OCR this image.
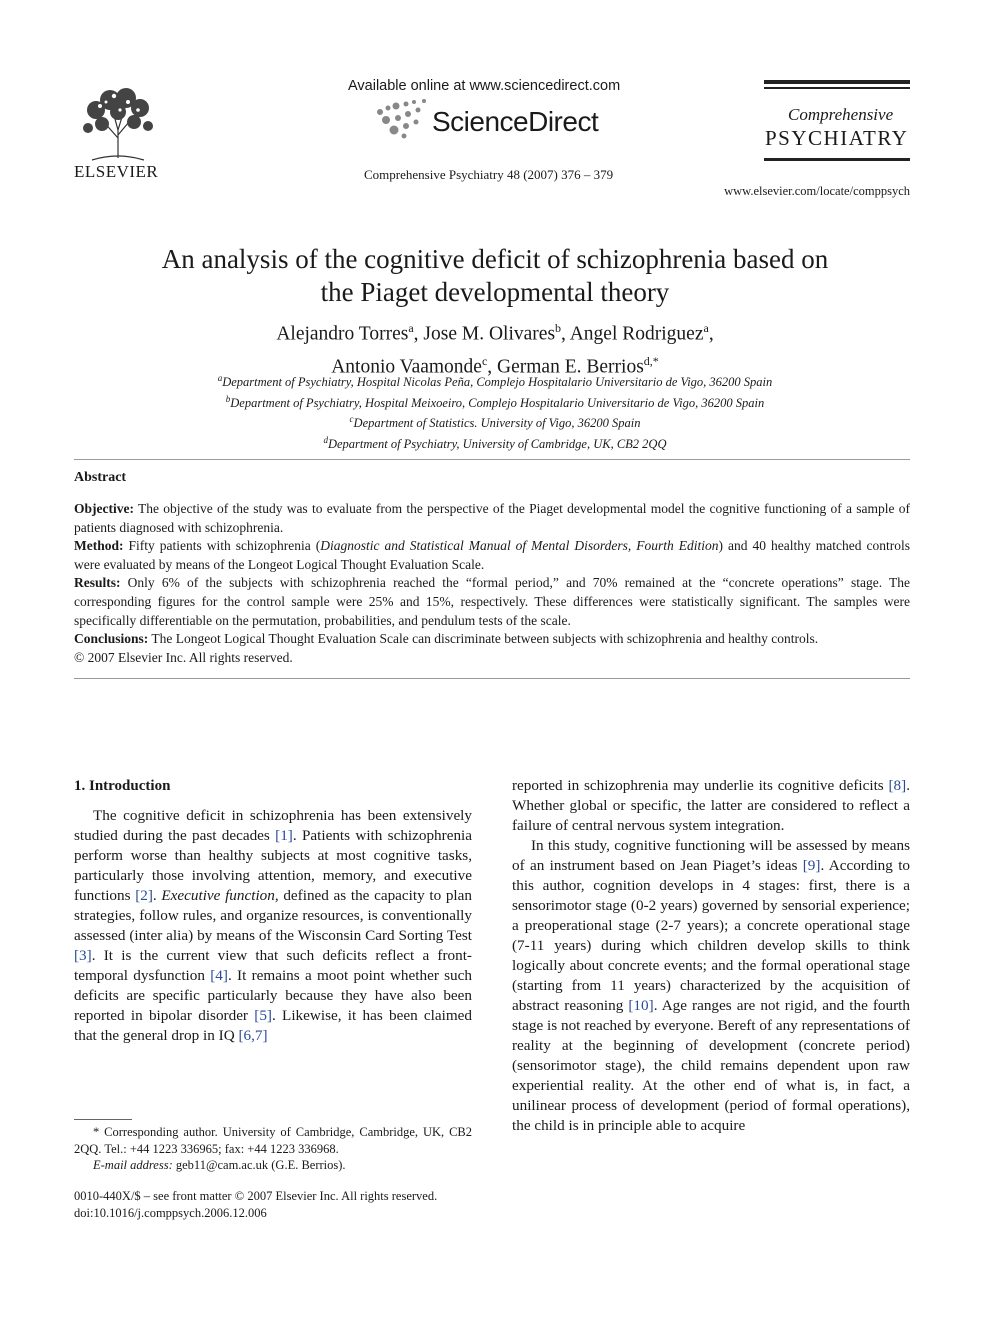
ELSEVIER
Available online at www.sciencedirect.com
ScienceDirect
Comprehensive Psychiatry 48 (2007) 376 – 379
Comprehensive
PSYCHIATRY
www.elsevier.com/locate/comppsych
An analysis of the cognitive deficit of schizophrenia based on
the Piaget developmental theory
Alejandro Torres$^a$, Jose M. Olivares$^b$, Angel Rodriguez$^a$,
Antonio Vaamonde$^c$, German E. Berrios$^{d,*}$
$^a$Department of Psychiatry, Hospital Nicolas Peña, Complejo Hospitalario Universitario de Vigo, 36200 Spain
$^b$Department of Psychiatry, Hospital Meixoeiro, Complejo Hospitalario Universitario de Vigo, 36200 Spain
$^c$Department of Statistics. University of Vigo, 36200 Spain
$^d$Department of Psychiatry, University of Cambridge, UK, CB2 2QQ
Abstract

Objective: The objective of the study was to evaluate from the perspective of the Piaget developmental model the cognitive functioning of a sample of patients diagnosed with schizophrenia.

Method: Fifty patients with schizophrenia (Diagnostic and Statistical Manual of Mental Disorders, Fourth Edition) and 40 healthy matched controls were evaluated by means of the Longeot Logical Thought Evaluation Scale.

Results: Only 6% of the subjects with schizophrenia reached the “formal period,” and 70% remained at the “concrete operations” stage. The corresponding figures for the control sample were 25% and 15%, respectively. These differences were statistically significant. The samples were specifically differentiable on the permutation, probabilities, and pendulum tests of the scale.

Conclusions: The Longeot Logical Thought Evaluation Scale can discriminate between subjects with schizophrenia and healthy controls.

© 2007 Elsevier Inc. All rights reserved.

1. Introduction

The cognitive deficit in schizophrenia has been extensively studied during the past decades [1]. Patients with schizophrenia perform worse than healthy subjects at most cognitive tasks, particularly those involving attention, memory, and executive functions [2]. Executive function, defined as the capacity to plan strategies, follow rules, and organize resources, is conventionally assessed (inter alia) by means of the Wisconsin Card Sorting Test [3]. It is the current view that such deficits reflect a front-temporal dysfunction [4]. It remains a moot point whether such deficits are specific particularly because they have also been reported in bipolar disorder [5]. Likewise, it has been claimed that the general drop in IQ [6,7]

reported in schizophrenia may underlie its cognitive deficits [8]. Whether global or specific, the latter are considered to reflect a failure of central nervous system integration.

In this study, cognitive functioning will be assessed by means of an instrument based on Jean Piaget’s ideas [9]. According to this author, cognition develops in 4 stages: first, there is a sensorimotor stage (0-2 years) governed by sensorial experience; a preoperational stage (2-7 years); a concrete operational stage (7-11 years) during which children develop skills to think logically about concrete events; and the formal operational stage (starting from 11 years) characterized by the acquisition of abstract reasoning [10]. Age ranges are not rigid, and the fourth stage is not reached by everyone. Bereft of any representations of reality at the beginning of development (concrete period) (sensorimotor stage), the child remains dependent upon raw experiential reality. At the other end of what is, in fact, a unilinear process of development (period of formal operations), the child is in principle able to acquire

* Corresponding author. University of Cambridge, Cambridge, UK, CB2 2QQ. Tel.: +44 1223 336965; fax: +44 1223 336968.
E-mail address: geb11@cam.ac.uk (G.E. Berrios).
0010-440X/$ – see front matter © 2007 Elsevier Inc. All rights reserved.
doi:10.1016/j.comppsych.2006.12.006
